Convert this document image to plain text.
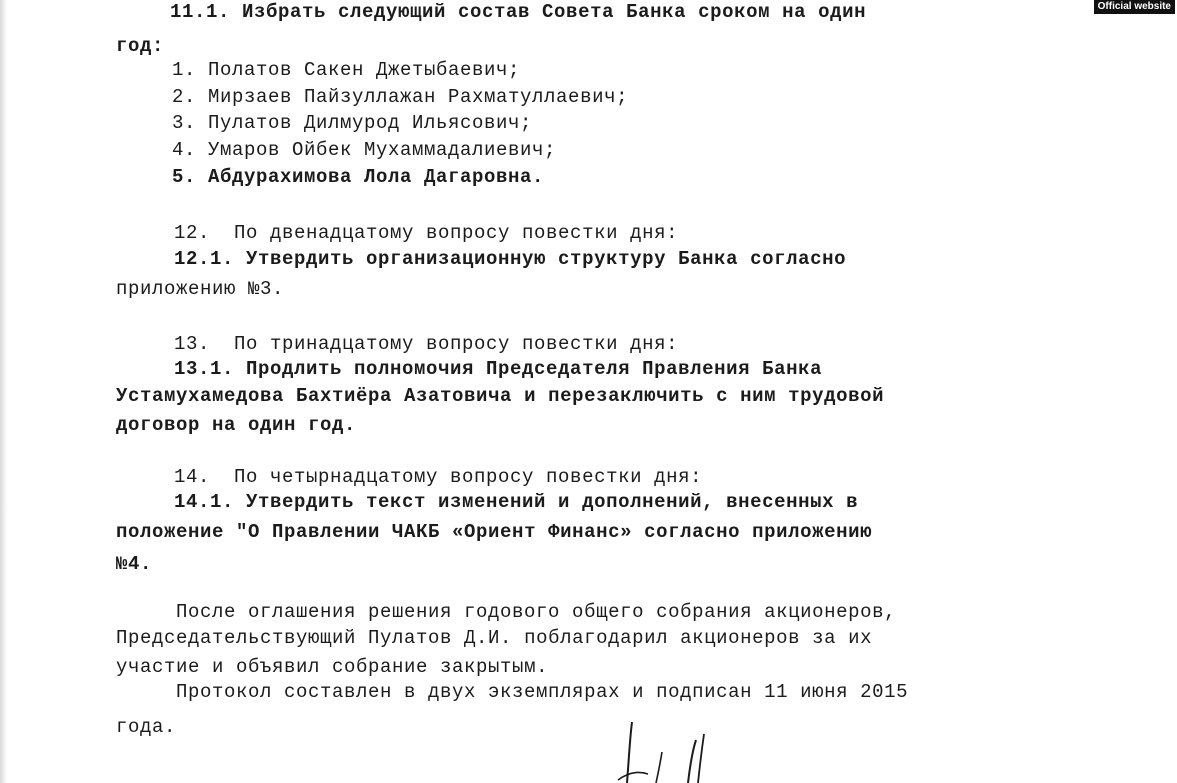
11.1. Избрать следующий состав Совета Банка сроком на один
год:
1. Полатов Сакен Джетыбаевич;
2. Мирзаев Пайзуллажан Рахматуллаевич;
3. Пулатов Дилмурод Ильясович;
4. Умаров Ойбек Мухаммадалиевич;
5. Абдурахимова Лола Дагаровна.
12.  По двенадцатому вопросу повестки дня:
12.1. Утвердить организационную структуру Банка согласно
приложению №3.
13.  По тринадцатому вопросу повестки дня:
13.1. Продлить полномочия Председателя Правления Банка
Устамухамедова Бахтиёра Азатовича и перезаключить с ним трудовой
договор на один год.
14.  По четырнадцатому вопросу повестки дня:
14.1. Утвердить текст изменений и дополнений, внесенных в
положение "О Правлении ЧАКБ «Ориент Финанс» согласно приложению
№4.
После оглашения решения годового общего собрания акционеров,
Председательствующий Пулатов Д.И. поблагодарил акционеров за их
участие и объявил собрание закрытым.
Протокол составлен в двух экземплярах и подписан 11 июня 2015
года.
Official website
